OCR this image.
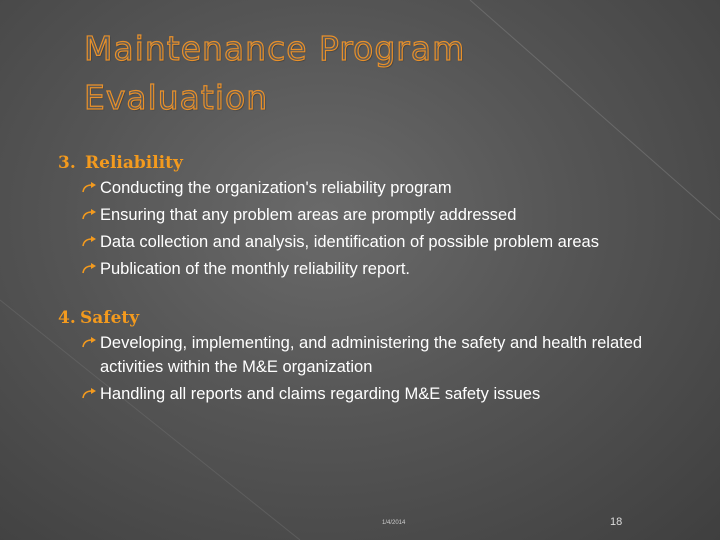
Maintenance Program
Evaluation
3. Reliability
Conducting the organization's reliability program
Ensuring that any problem areas are promptly addressed
Data collection and analysis, identification of possible problem areas
Publication of the monthly reliability report.
4. Safety
Developing, implementing, and administering the safety and health related activities within the M&E organization
Handling all reports and claims regarding M&E safety issues
1/4/2014	18
